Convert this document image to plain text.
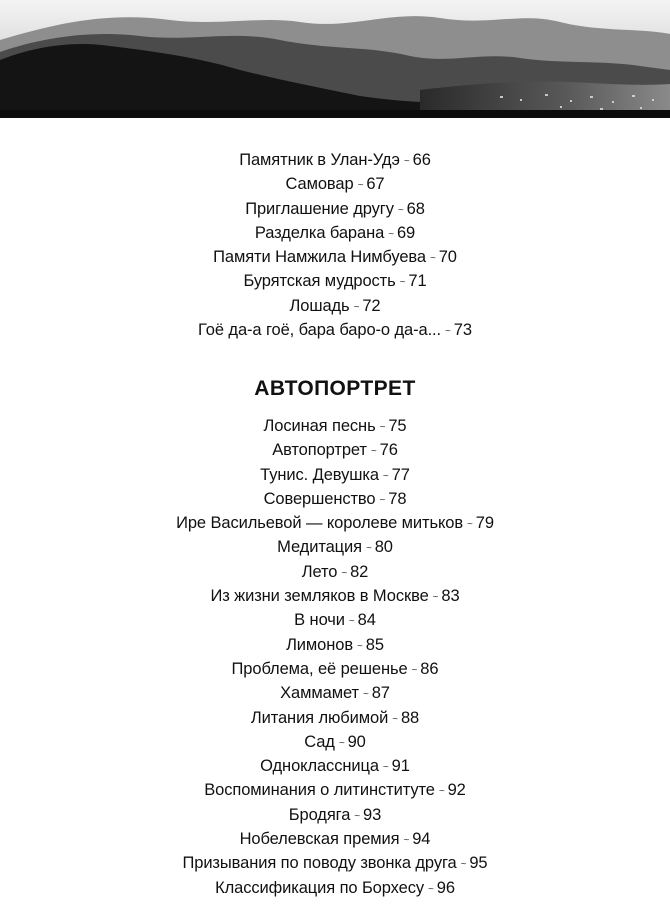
Памятник в Улан-Удэ ~ 66
Самовар ~ 67
Приглашение другу ~ 68
Разделка барана ~ 69
Памяти Намжила Нимбуева ~ 70
Бурятская мудрость ~ 71
Лошадь ~ 72
Гоё да-а гоё, бара баро-о да-а... ~ 73
АВТОПОРТРЕТ
Лосиная песнь ~ 75
Автопортрет ~ 76
Тунис. Девушка ~ 77
Совершенство ~ 78
Ире Васильевой — королеве митьков ~ 79
Медитация ~ 80
Лето ~ 82
Из жизни земляков в Москве ~ 83
В ночи ~ 84
Лимонов ~ 85
Проблема, её решенье ~ 86
Хаммамет ~ 87
Литания любимой ~ 88
Сад ~ 90
Одноклассница ~ 91
Воспоминания о литинституте ~ 92
Бродяга ~ 93
Нобелевская премия ~ 94
Призывания по поводу звонка друга ~ 95
Классификация по Борхесу ~ 96
